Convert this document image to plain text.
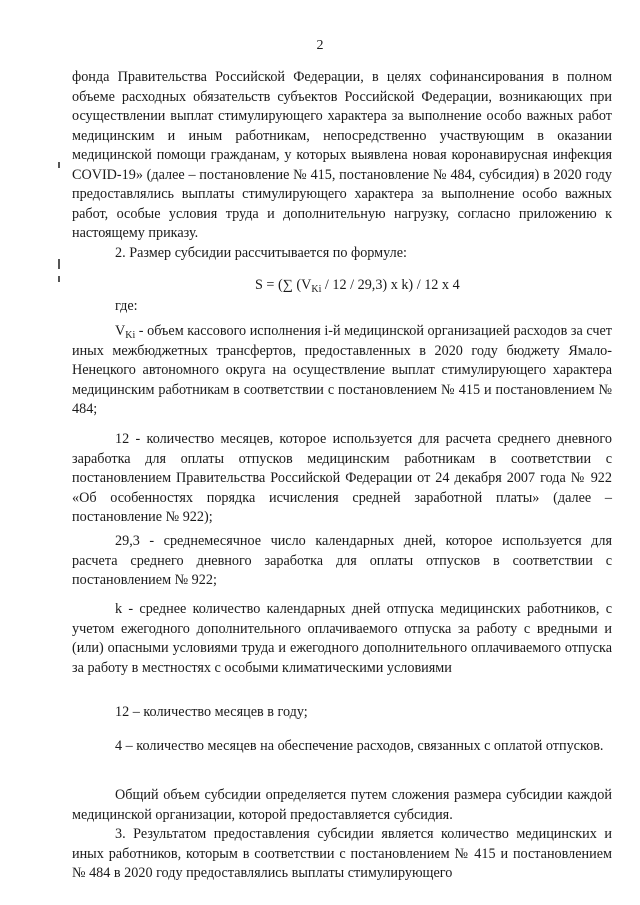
2
фонда Правительства Российской Федерации, в целях софинансирования в полном объеме расходных обязательств субъектов Российской Федерации, возникающих при осуществлении выплат стимулирующего характера за выполнение особо важных работ медицинским и иным работникам, непосредственно участвующим в оказании медицинской помощи гражданам, у которых выявлена новая коронавирусная инфекция COVID-19» (далее – постановление № 415, постановление № 484, субсидия) в 2020 году предоставлялись выплаты стимулирующего характера за выполнение особо важных работ, особые условия труда и дополнительную нагрузку, согласно приложению к настоящему приказу.
2. Размер субсидии рассчитывается по формуле:
S = (∑ $(V_{Ki} / 12 / 29,3)$ х k) / 12 х 4
где:
$V_{Ki}$ - объем кассового исполнения i-й медицинской организацией расходов за счет иных межбюджетных трансфертов, предоставленных в 2020 году бюджету Ямало-Ненецкого автономного округа на осуществление выплат стимулирующего характера медицинским работникам в соответствии с постановлением № 415 и постановлением № 484;
12 - количество месяцев, которое используется для расчета среднего дневного заработка для оплаты отпусков медицинским работникам в соответствии с постановлением Правительства Российской Федерации от 24 декабря 2007 года № 922 «Об особенностях порядка исчисления средней заработной платы» (далее – постановление № 922);
29,3 - среднемесячное число календарных дней, которое используется для расчета среднего дневного заработка для оплаты отпусков в соответствии с постановлением № 922;
k - среднее количество календарных дней отпуска медицинских работников, с учетом ежегодного дополнительного оплачиваемого отпуска за работу с вредными и (или) опасными условиями труда и ежегодного дополнительного оплачиваемого отпуска за работу в местностях с особыми климатическими условиями
12 – количество месяцев в году;
4 – количество месяцев на обеспечение расходов, связанных с оплатой отпусков.
Общий объем субсидии определяется путем сложения размера субсидии каждой медицинской организации, которой предоставляется субсидия.
3. Результатом предоставления субсидии является количество медицинских и иных работников, которым в соответствии с постановлением № 415 и постановлением № 484 в 2020 году предоставлялись выплаты стимулирующего
